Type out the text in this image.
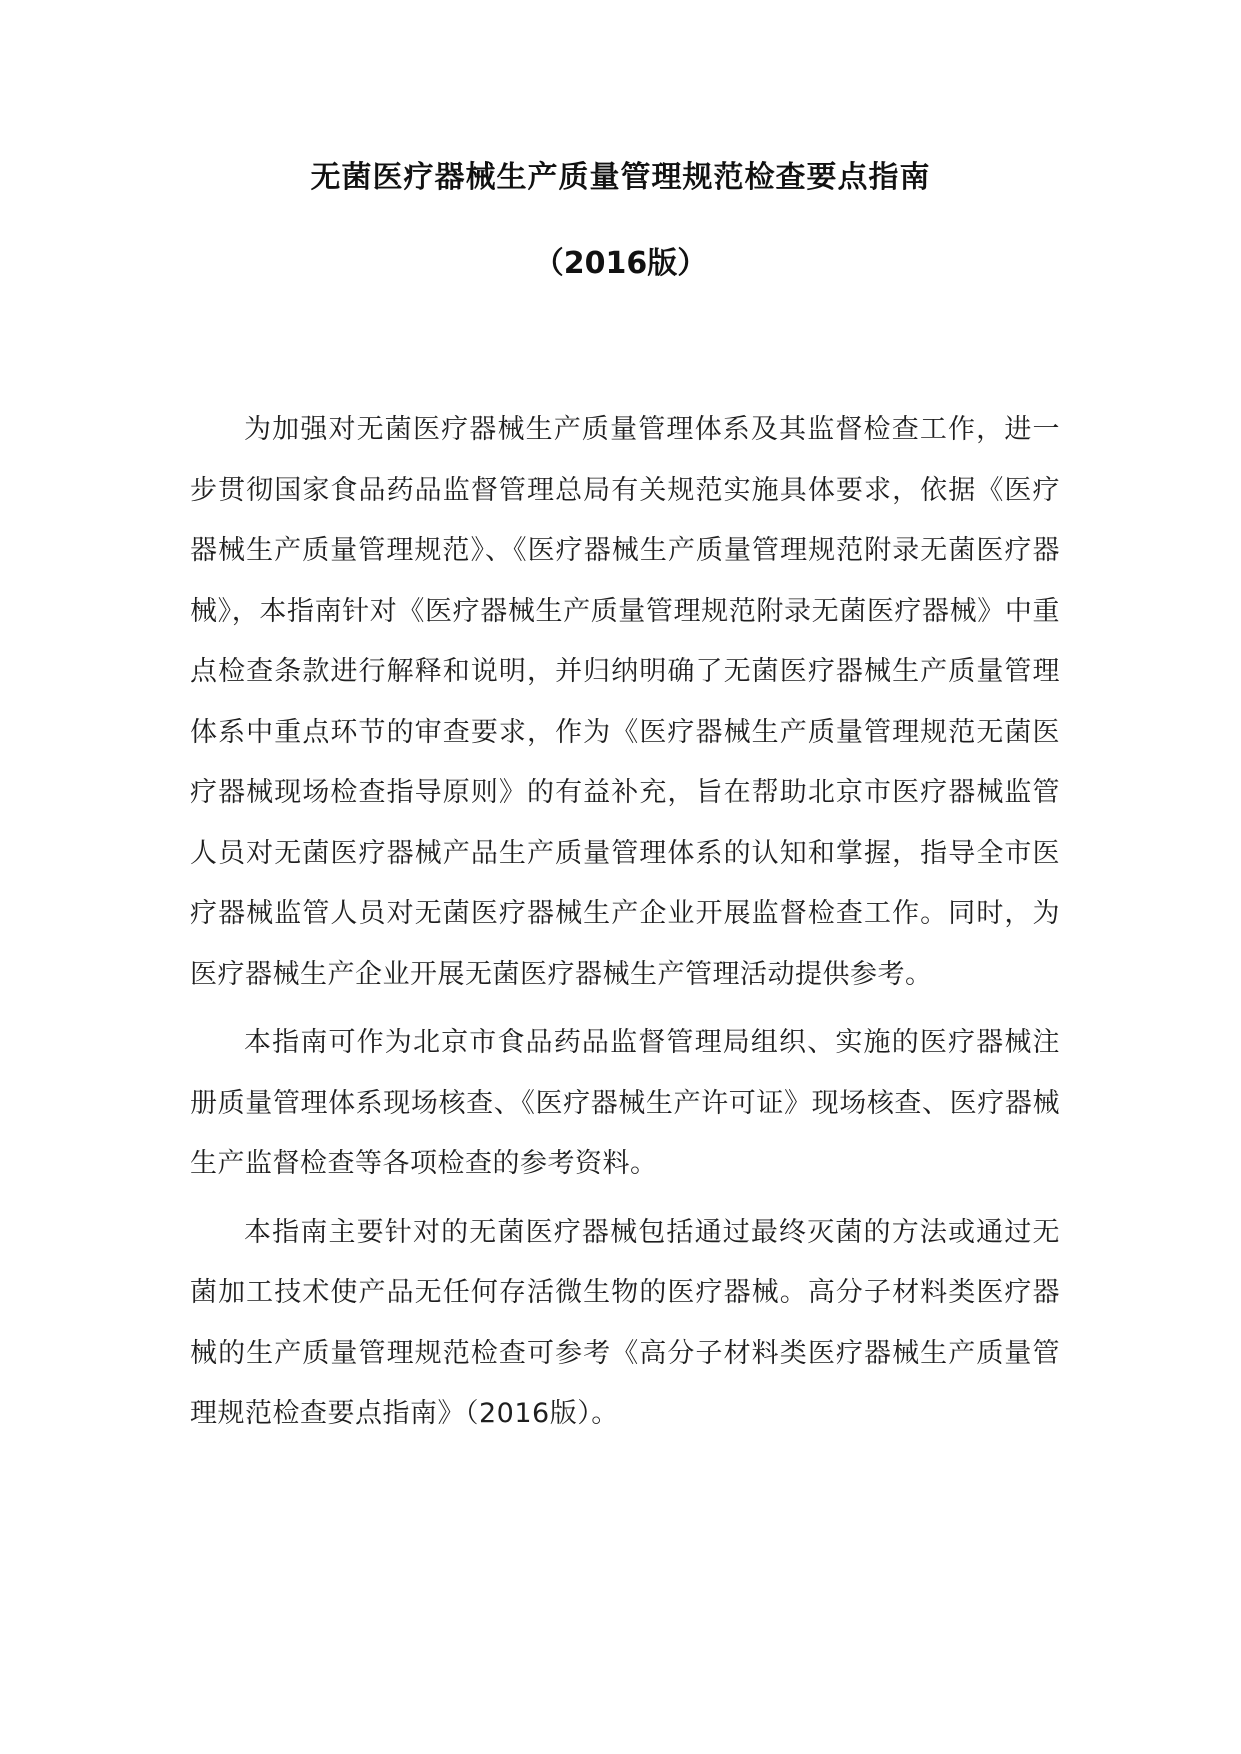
无菌医疗器械生产质量管理规范检查要点指南
（2016版）

为加强对无菌医疗器械生产质量管理体系及其监督检查工作，进一步贯彻国家食品药品监督管理总局有关规范实施具体要求，依据《医疗器械生产质量管理规范》、《医疗器械生产质量管理规范附录无菌医疗器械》，本指南针对《医疗器械生产质量管理规范附录无菌医疗器械》中重点检查条款进行解释和说明，并归纳明确了无菌医疗器械生产质量管理体系中重点环节的审查要求，作为《医疗器械生产质量管理规范无菌医疗器械现场检查指导原则》的有益补充，旨在帮助北京市医疗器械监管人员对无菌医疗器械产品生产质量管理体系的认知和掌握，指导全市医疗器械监管人员对无菌医疗器械生产企业开展监督检查工作。同时，为医疗器械生产企业开展无菌医疗器械生产管理活动提供参考。

本指南可作为北京市食品药品监督管理局组织、实施的医疗器械注册质量管理体系现场核查、《医疗器械生产许可证》现场核查、医疗器械生产监督检查等各项检查的参考资料。

本指南主要针对的无菌医疗器械包括通过最终灭菌的方法或通过无菌加工技术使产品无任何存活微生物的医疗器械。高分子材料类医疗器械的生产质量管理规范检查可参考《高分子材料类医疗器械生产质量管理规范检查要点指南》（2016版）。
